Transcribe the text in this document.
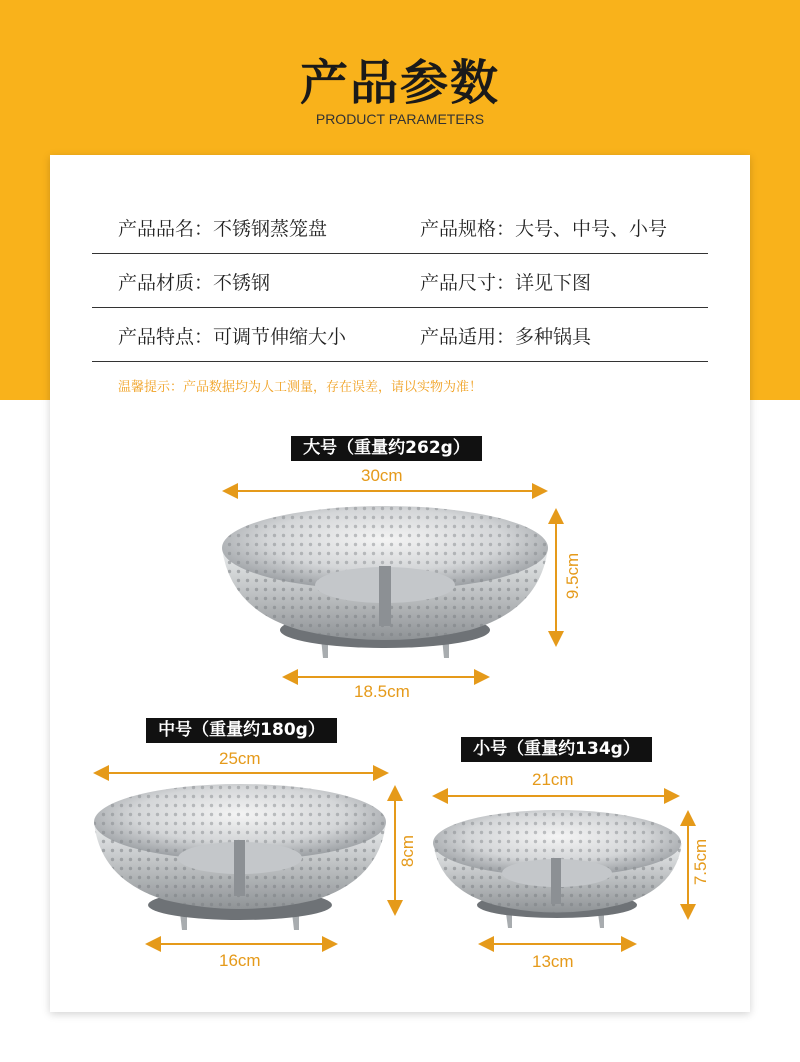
产品参数
PRODUCT PARAMETERS
产品品名：不锈钢蒸笼盘	产品规格：大号、中号、小号
产品材质：不锈钢	产品尺寸：详见下图
产品特点：可调节伸缩大小	产品适用：多种锅具
温馨提示：产品数据均为人工测量，存在误差，请以实物为准！
大号（重量约262g）
中号（重量约180g）
小号（重量约134g）
30cm
9.5cm
18.5cm
25cm
8cm
16cm
21cm
7.5cm
13cm
